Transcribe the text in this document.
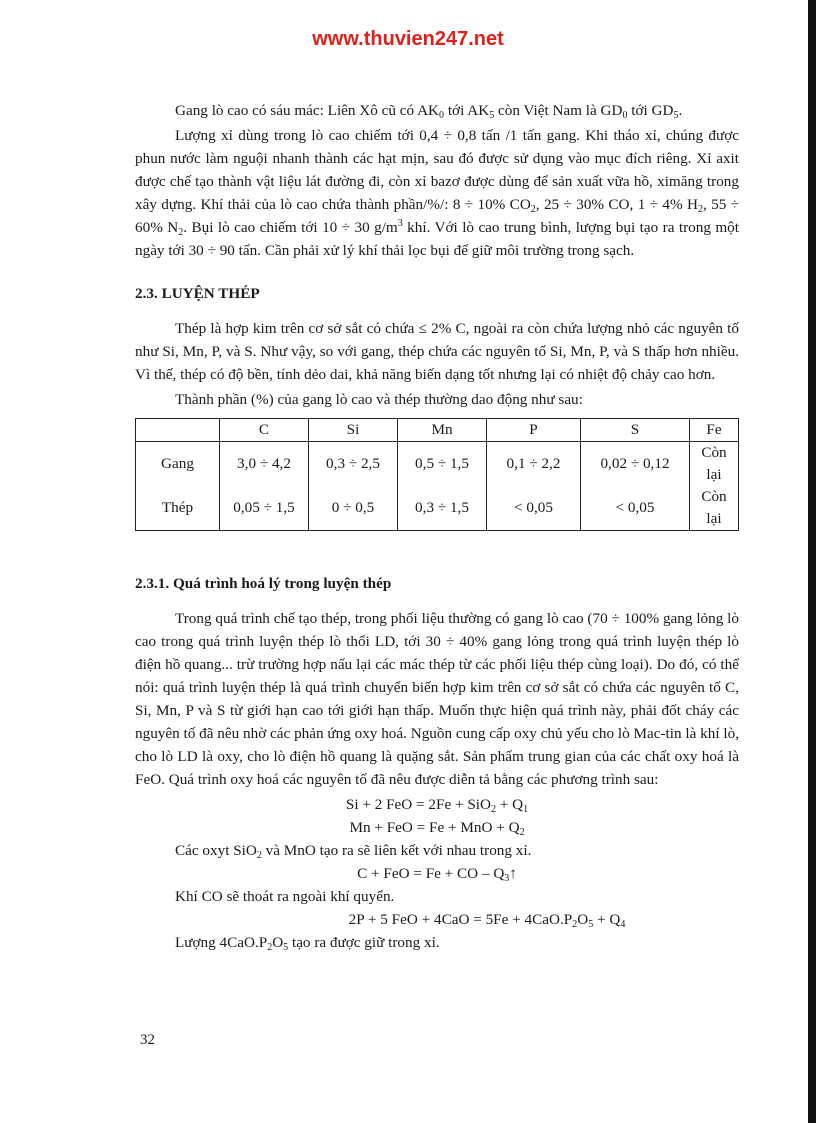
www.thuvien247.net

Gang lò cao có sáu mác: Liên Xô cũ có $AK_0$ tới $AK_5$ còn Việt Nam là $GD_0$ tới $GD_5$.

Lượng xỉ dùng trong lò cao chiếm tới 0,4 ÷ 0,8 tấn /1 tấn gang. Khi tháo xỉ, chúng được phun nước làm nguội nhanh thành các hạt mịn, sau đó được sử dụng vào mục đích riêng. Xỉ axit được chế tạo thành vật liệu lát đường đi, còn xỉ bazơ được dùng để sản xuất vữa hồ, ximăng trong xây dựng. Khí thải của lò cao chứa thành phần/%/: 8 ÷ 10% $CO_2$, 25 ÷ 30% CO, 1 ÷ 4% $H_2$, 55 ÷ 60% $N_2$. Bụi lò cao chiếm tới 10 ÷ 30 $g/m^3$ khí. Với lò cao trung bình, lượng bụi tạo ra trong một ngày tới 30 ÷ 90 tấn. Cần phải xử lý khí thải lọc bụi để giữ môi trường trong sạch.

2.3. LUYỆN THÉP

Thép là hợp kim trên cơ sở sắt có chứa ≤ 2% C, ngoài ra còn chứa lượng nhỏ các nguyên tố như Si, Mn, P, và S. Như vậy, so với gang, thép chứa các nguyên tố Si, Mn, P, và S thấp hơn nhiều. Vì thế, thép có độ bền, tính dẻo dai, khả năng biến dạng tốt nhưng lại có nhiệt độ chảy cao hơn.

Thành phần (%) của gang lò cao và thép thường dao động như sau:

	C	Si	Mn	P	S	Fe
Gang	3,0 ÷ 4,2	0,3 ÷ 2,5	0,5 ÷ 1,5	0,1 ÷ 2,2	0,02 ÷ 0,12	Còn lại
Thép	0,05 ÷ 1,5	0 ÷ 0,5	0,3 ÷ 1,5	< 0,05	< 0,05	Còn lại

2.3.1. Quá trình hoá lý trong luyện thép

Trong quá trình chế tạo thép, trong phối liệu thường có gang lò cao (70 ÷ 100% gang lỏng lò cao trong quá trình luyện thép lò thổi LD, tới 30 ÷ 40% gang lỏng trong quá trình luyện thép lò điện hồ quang... trừ trường hợp nấu lại các mác thép từ các phối liệu thép cùng loại). Do đó, có thể nói: quá trình luyện thép là quá trình chuyển biến hợp kim trên cơ sở sắt có chứa các nguyên tố C, Si, Mn, P và S từ giới hạn cao tới giới hạn thấp. Muốn thực hiện quá trình này, phải đốt cháy các nguyên tố đã nêu nhờ các phản ứng oxy hoá. Nguồn cung cấp oxy chủ yếu cho lò Mac-tin là khí lò, cho lò LD là oxy, cho lò điện hồ quang là quặng sắt. Sản phẩm trung gian của các chất oxy hoá là FeO. Quá trình oxy hoá các nguyên tố đã nêu được diễn tả bằng các phương trình sau:

Si + 2 FeO = $2Fe + SiO_2 + Q_1$

Mn + FeO = Fe + MnO + $Q_2$

Các oxyt SiO$_2$ và MnO tạo ra sẽ liên kết với nhau trong xỉ.

C + FeO = Fe + CO – $Q_3↑$

Khí CO sẽ thoát ra ngoài khí quyển.

2P + 5 FeO + $4CaO = 5Fe + 4CaO.P_2O_5 + Q_4$

Lượng $4CaO.P_2O_5$ tạo ra được giữ trong xỉ.

32
